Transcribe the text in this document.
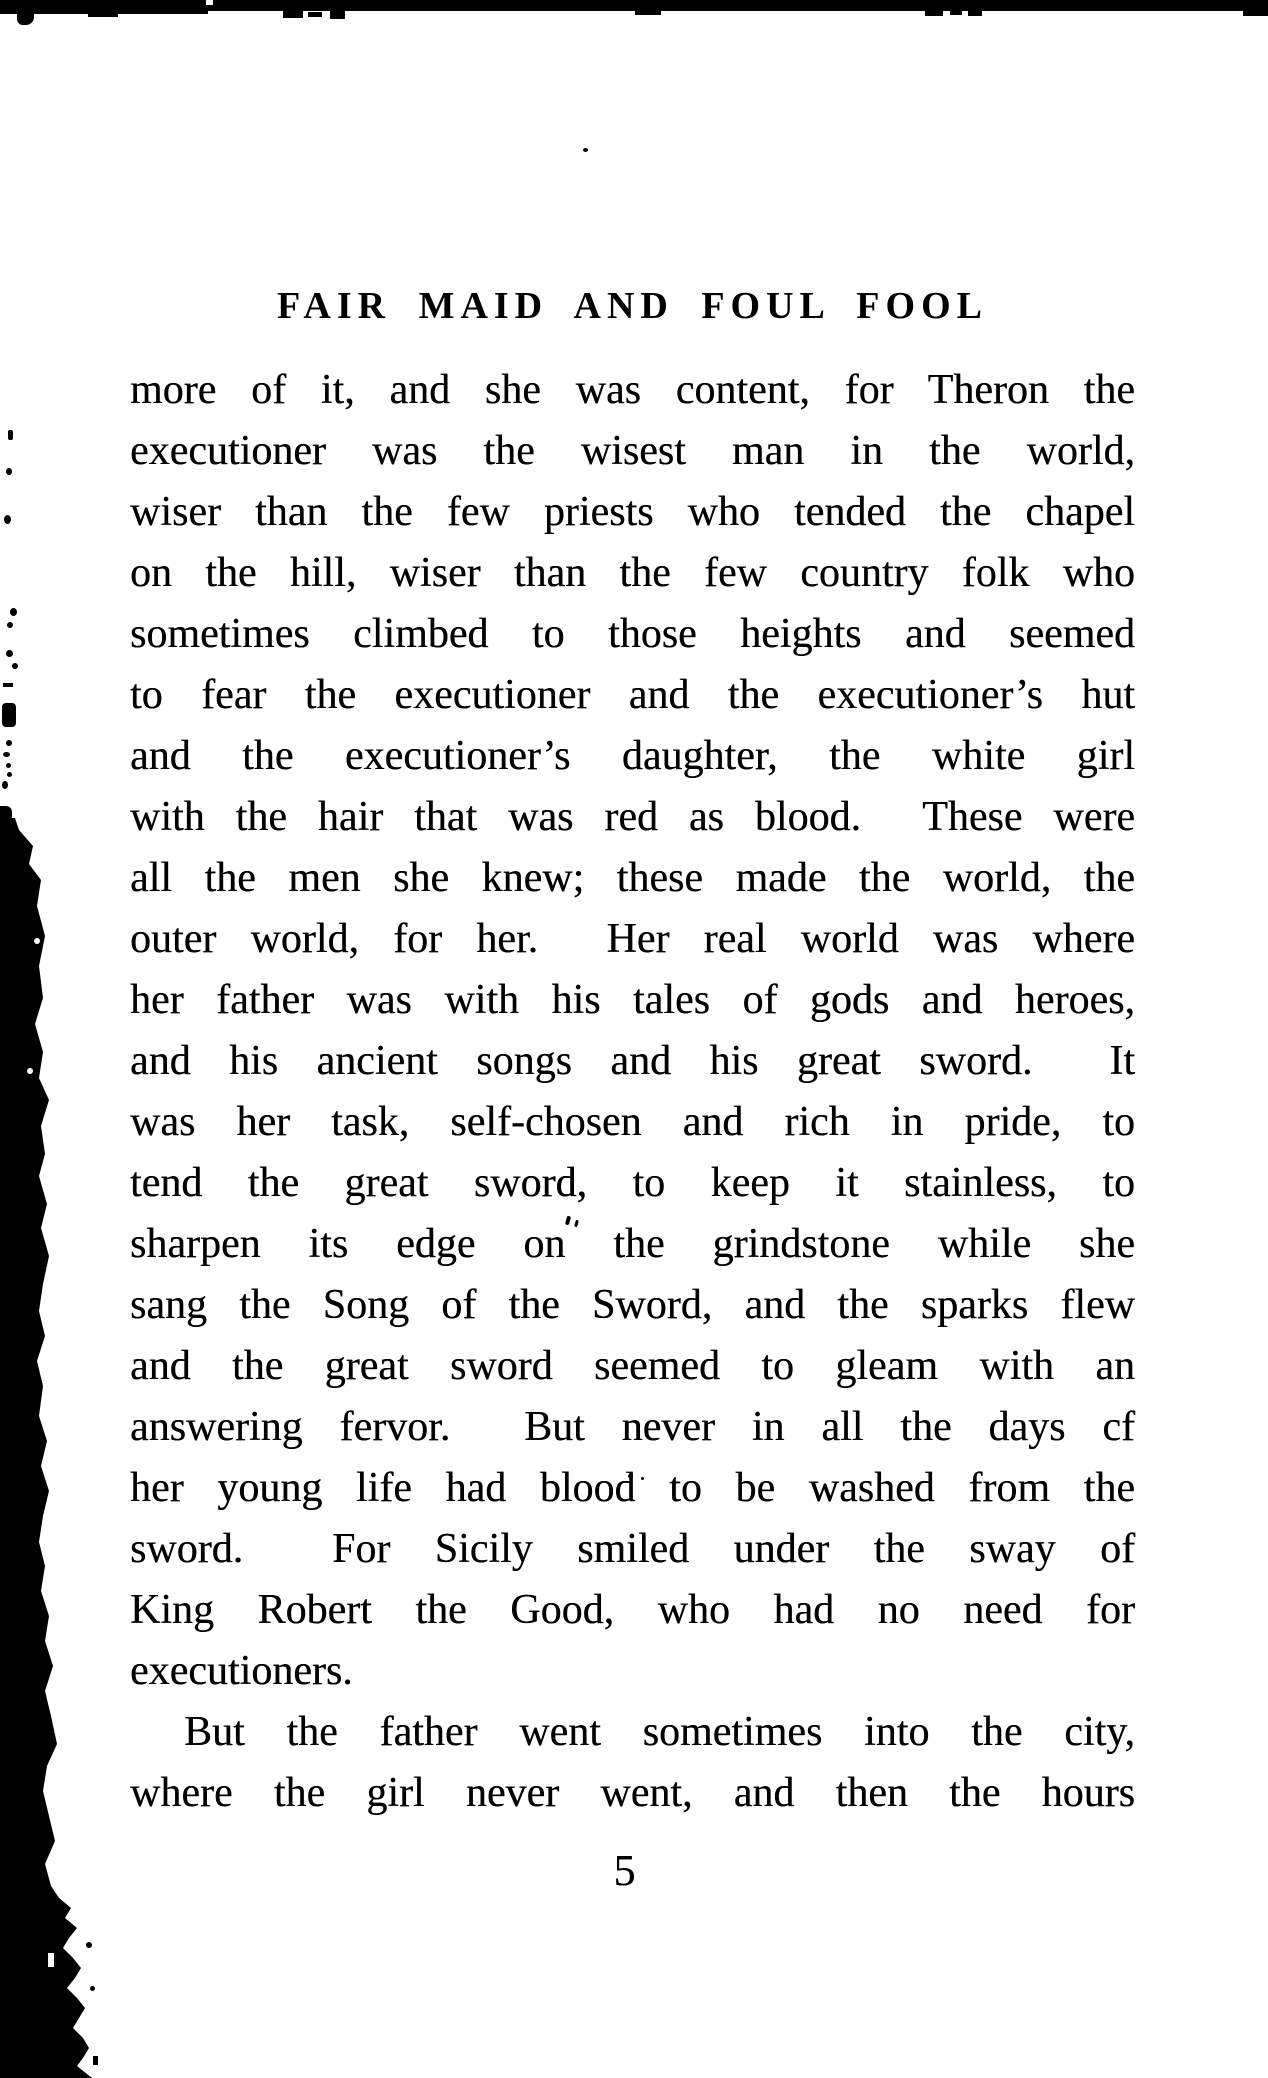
FAIR MAID AND FOUL FOOL
more of it, and she was content, for Theron the
executioner was the wisest man in the world,
wiser than the few priests who tended the chapel
on the hill, wiser than the few country folk who
sometimes climbed to those heights and seemed
to fear the executioner and the executioner’s hut
and the executioner’s daughter, the white girl
with the hair that was red as blood.  These were
all the men she knew; these made the world, the
outer world, for her.  Her real world was where
her father was with his tales of gods and heroes,
and his ancient songs and his great sword.  It
was her task, self-chosen and rich in pride, to
tend the great sword, to keep it stainless, to
sharpen its edge on the grindstone while she
sang the Song of the Sword, and the sparks flew
and the great sword seemed to gleam with an
answering fervor.  But never in all the days cf
her young life had blood to be washed from the
sword.  For Sicily smiled under the sway of
King Robert the Good, who had no need for
executioners.
But the father went sometimes into the city,
where the girl never went, and then the hours
5
